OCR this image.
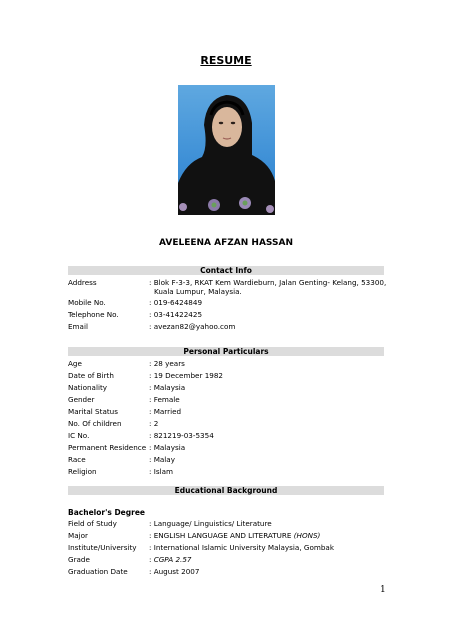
RESUME
AVELEENA AFZAN HASSAN
Contact Info
Address	: Blok F-3-3, RKAT Kem Wardieburn, Jalan Genting- Kelang, 53300,
Kuala Lumpur, Malaysia.
Mobile No.	: 019-6424849
Telephone No.	: 03-41422425
Email	: avezan82@yahoo.com
Personal Particulars
Age	: 28 years
Date of Birth	: 19 December 1982
Nationality	: Malaysia
Gender	: Female
Marital Status	: Married
No. Of children	: 2
IC No.	: 821219-03-5354
Permanent Residence : Malaysia
Race	: Malay
Religion	: Islam
Educational Background
Bachelor's Degree
Field of Study	: Language/ Linguistics/ Literature
Major	: ENGLISH LANGUAGE AND LITERATURE (HONS)
Institute/University : International Islamic University Malaysia, Gombak
Grade	: CGPA 2.57
Graduation Date	: August 2007
1
